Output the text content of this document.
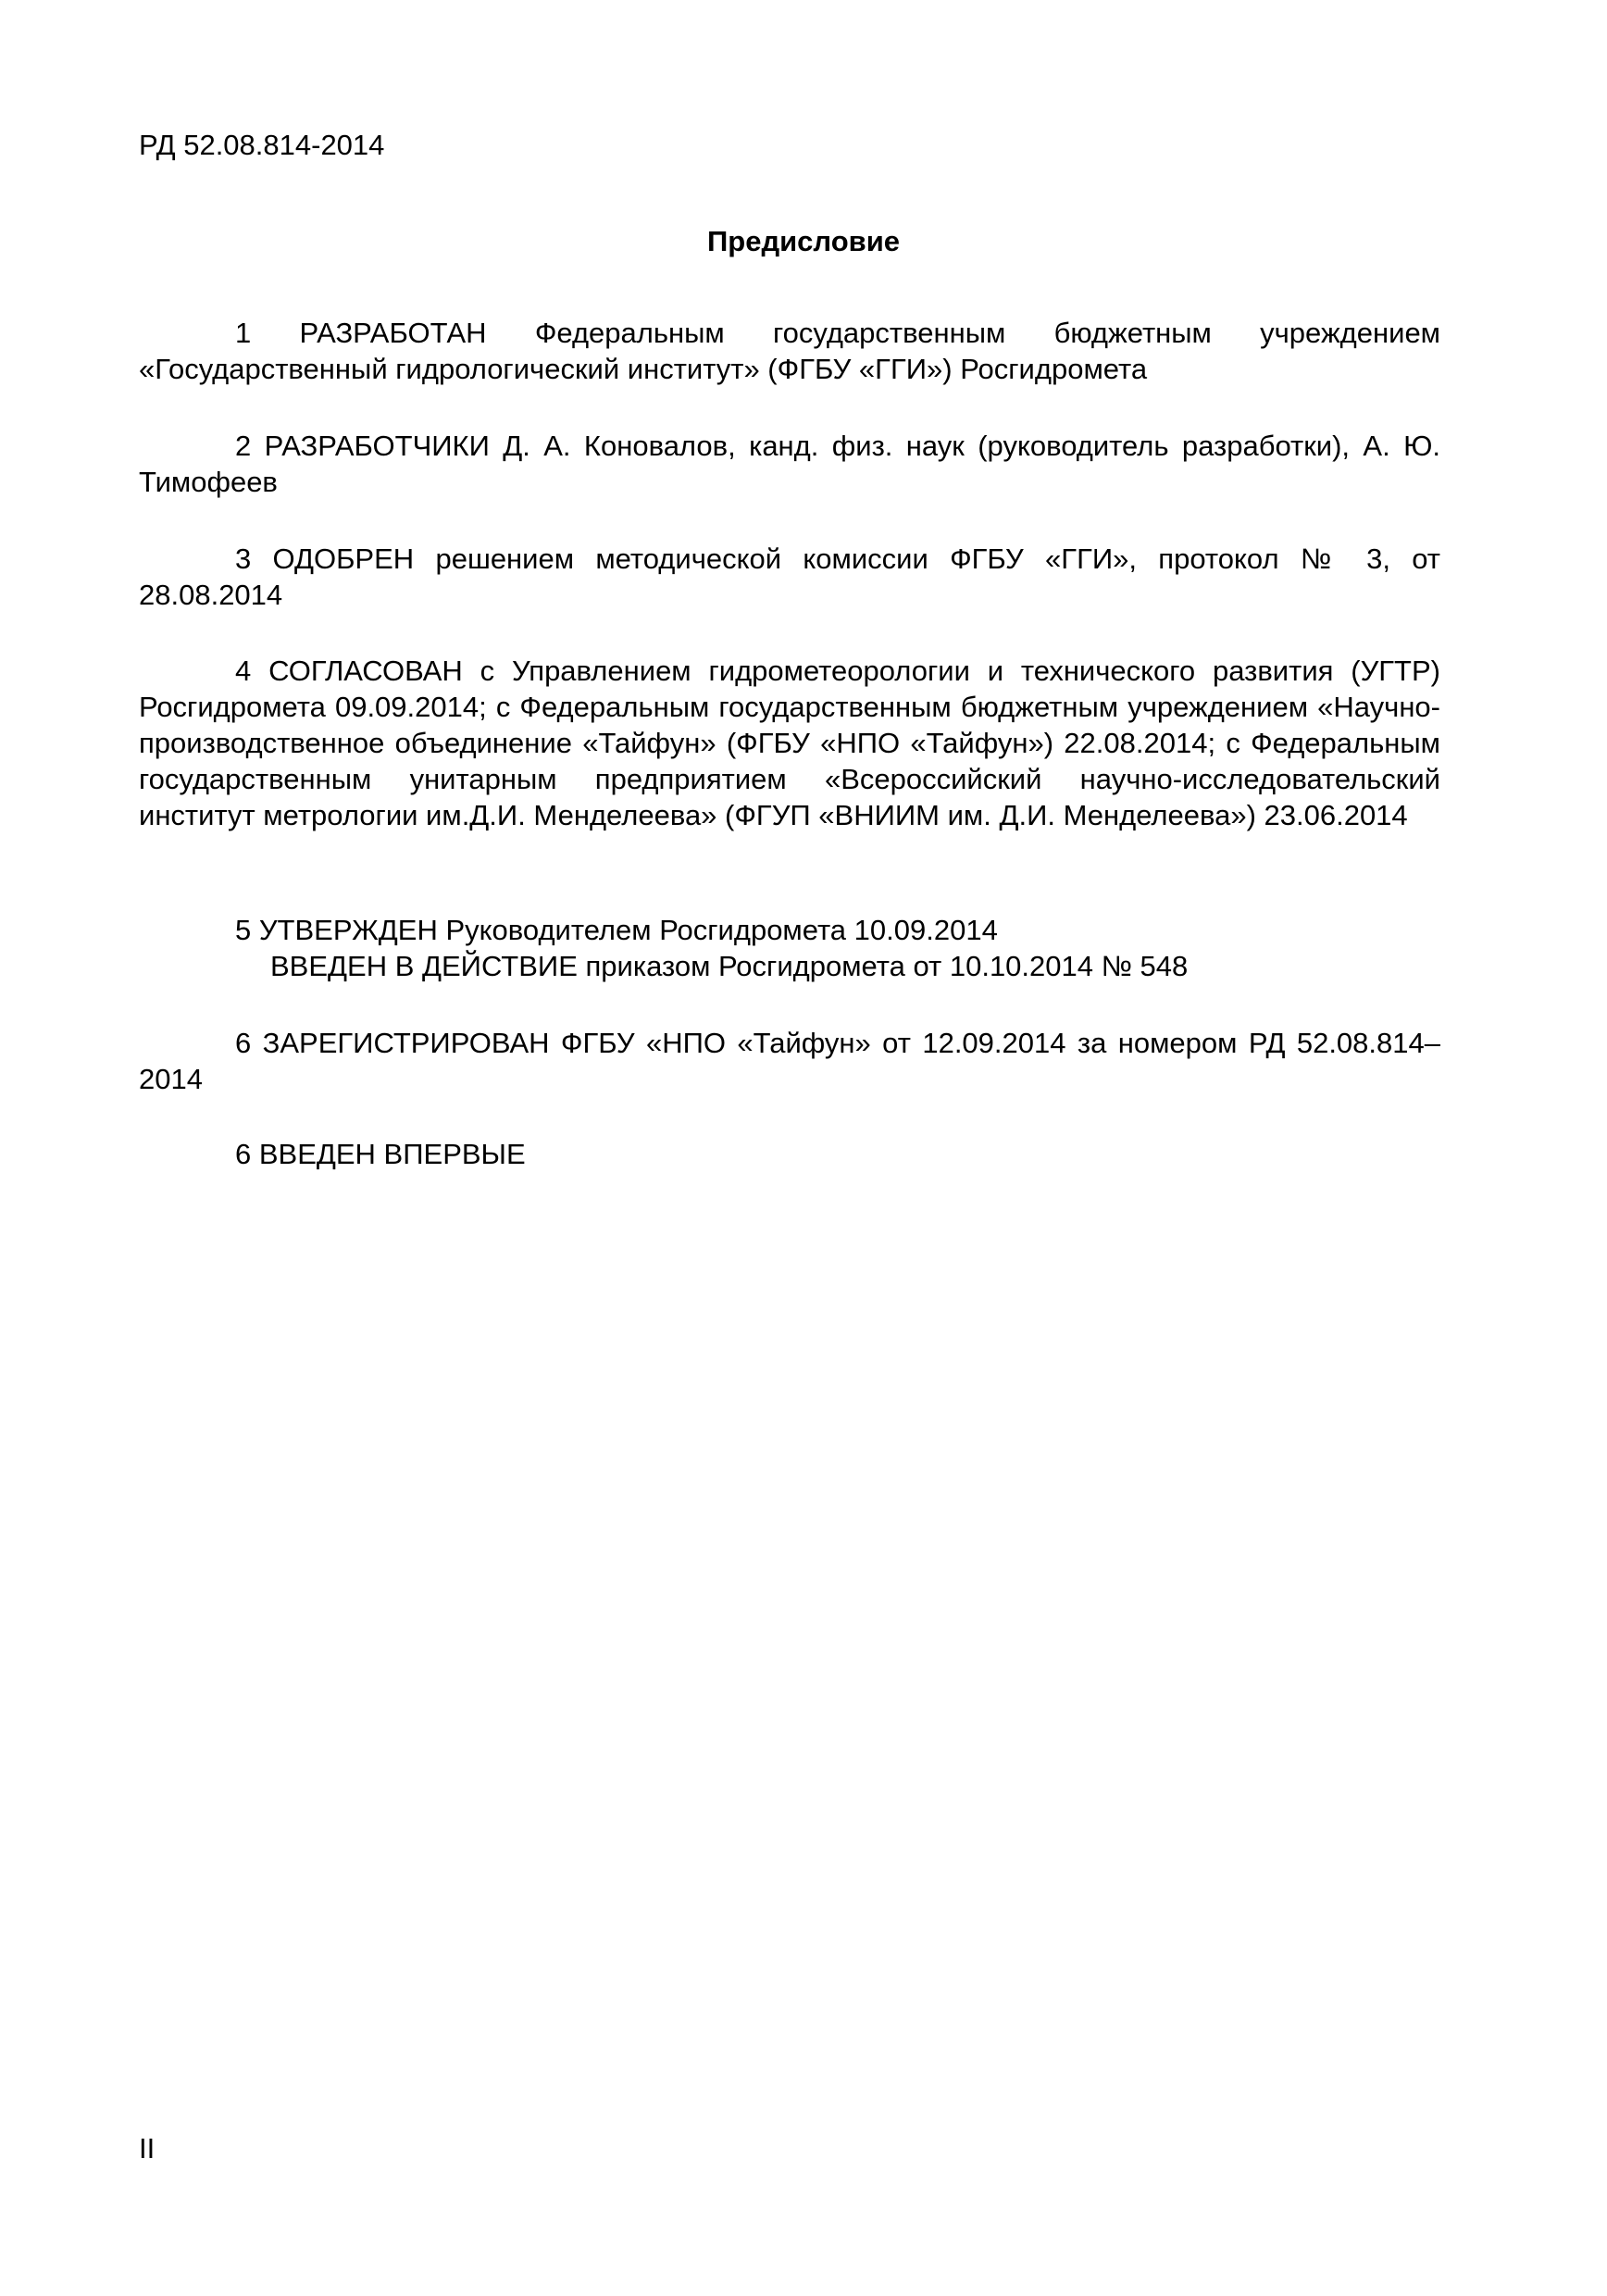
РД 52.08.814-2014
Предисловие
1 РАЗРАБОТАН Федеральным государственным бюджетным учреждением «Государственный гидрологический институт» (ФГБУ «ГГИ») Росгидромета
2 РАЗРАБОТЧИКИ Д. А. Коновалов, канд. физ. наук (руководитель разработки), А. Ю. Тимофеев
3 ОДОБРЕН решением методической комиссии ФГБУ «ГГИ», протокол № 3, от 28.08.2014
4 СОГЛАСОВАН с Управлением гидрометеорологии и технического развития (УГТР) Росгидромета 09.09.2014; с Федеральным государственным бюджетным учреждением «Научно-производственное объединение «Тайфун» (ФГБУ «НПО «Тайфун») 22.08.2014; с Федеральным государственным унитарным предприятием «Всероссийский научно-исследовательский институт метрологии им.Д.И. Менделеева» (ФГУП «ВНИИМ им. Д.И. Менделеева») 23.06.2014
5 УТВЕРЖДЕН Руководителем Росгидромета 10.09.2014
ВВЕДЕН В ДЕЙСТВИЕ приказом Росгидромета от 10.10.2014 № 548
6 ЗАРЕГИСТРИРОВАН ФГБУ «НПО «Тайфун» от 12.09.2014 за номером РД 52.08.814–2014
6 ВВЕДЕН ВПЕРВЫЕ
II
